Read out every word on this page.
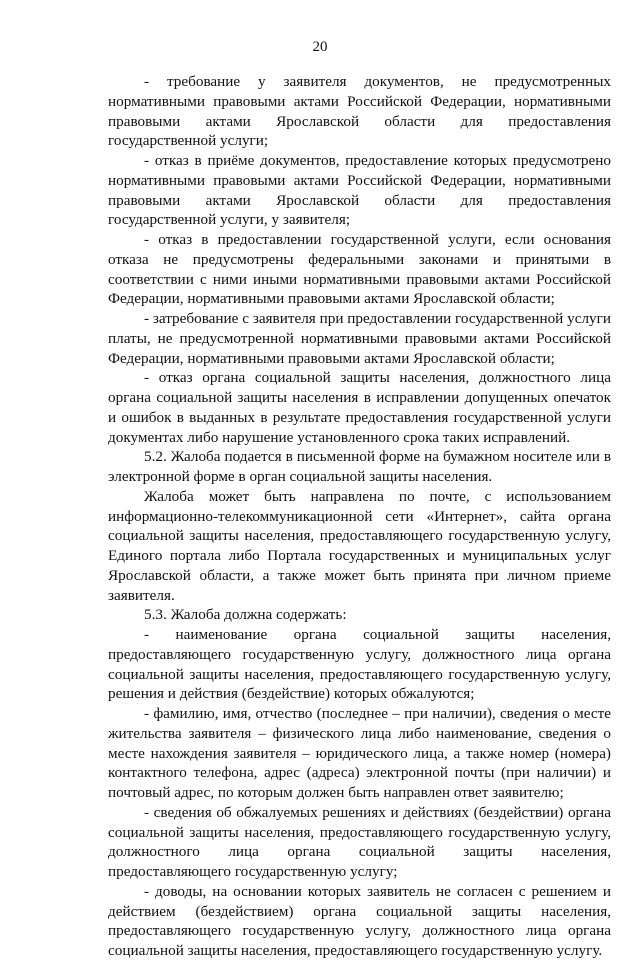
20

- требование у заявителя документов, не предусмотренных нормативными правовыми актами Российской Федерации, нормативными правовыми актами Ярославской области для предоставления государственной услуги;

- отказ в приёме документов, предоставление которых предусмотрено нормативными правовыми актами Российской Федерации, нормативными правовыми актами Ярославской области для предоставления государственной услуги, у заявителя;

- отказ в предоставлении государственной услуги, если основания отказа не предусмотрены федеральными законами и принятыми в соответствии с ними иными нормативными правовыми актами Российской Федерации, нормативными правовыми актами Ярославской области;

- затребование с заявителя при предоставлении государственной услуги платы, не предусмотренной нормативными правовыми актами Российской Федерации, нормативными правовыми актами Ярославской области;

- отказ органа социальной защиты населения, должностного лица органа социальной защиты населения в исправлении допущенных опечаток и ошибок в выданных в результате предоставления государственной услуги документах либо нарушение установленного срока таких исправлений.

5.2. Жалоба подается в письменной форме на бумажном носителе или в электронной форме в орган социальной защиты населения.

Жалоба может быть направлена по почте, с использованием информационно-телекоммуникационной сети «Интернет», сайта органа социальной защиты населения, предоставляющего государственную услугу, Единого портала либо Портала государственных и муниципальных услуг Ярославской области, а также может быть принята при личном приеме заявителя.

5.3. Жалоба должна содержать:

- наименование органа социальной защиты населения, предоставляющего государственную услугу, должностного лица органа социальной защиты населения, предоставляющего государственную услугу, решения и действия (бездействие) которых обжалуются;

- фамилию, имя, отчество (последнее – при наличии), сведения о месте жительства заявителя – физического лица либо наименование, сведения о месте нахождения заявителя – юридического лица, а также номер (номера) контактного телефона, адрес (адреса) электронной почты (при наличии) и почтовый адрес, по которым должен быть направлен ответ заявителю;

- сведения об обжалуемых решениях и действиях (бездействии) органа социальной защиты населения, предоставляющего государственную услугу, должностного лица органа социальной защиты населения, предоставляющего государственную услугу;

- доводы, на основании которых заявитель не согласен с решением и действием (бездействием) органа социальной защиты населения, предоставляющего государственную услугу, должностного лица органа социальной защиты населения, предоставляющего государственную услугу.
